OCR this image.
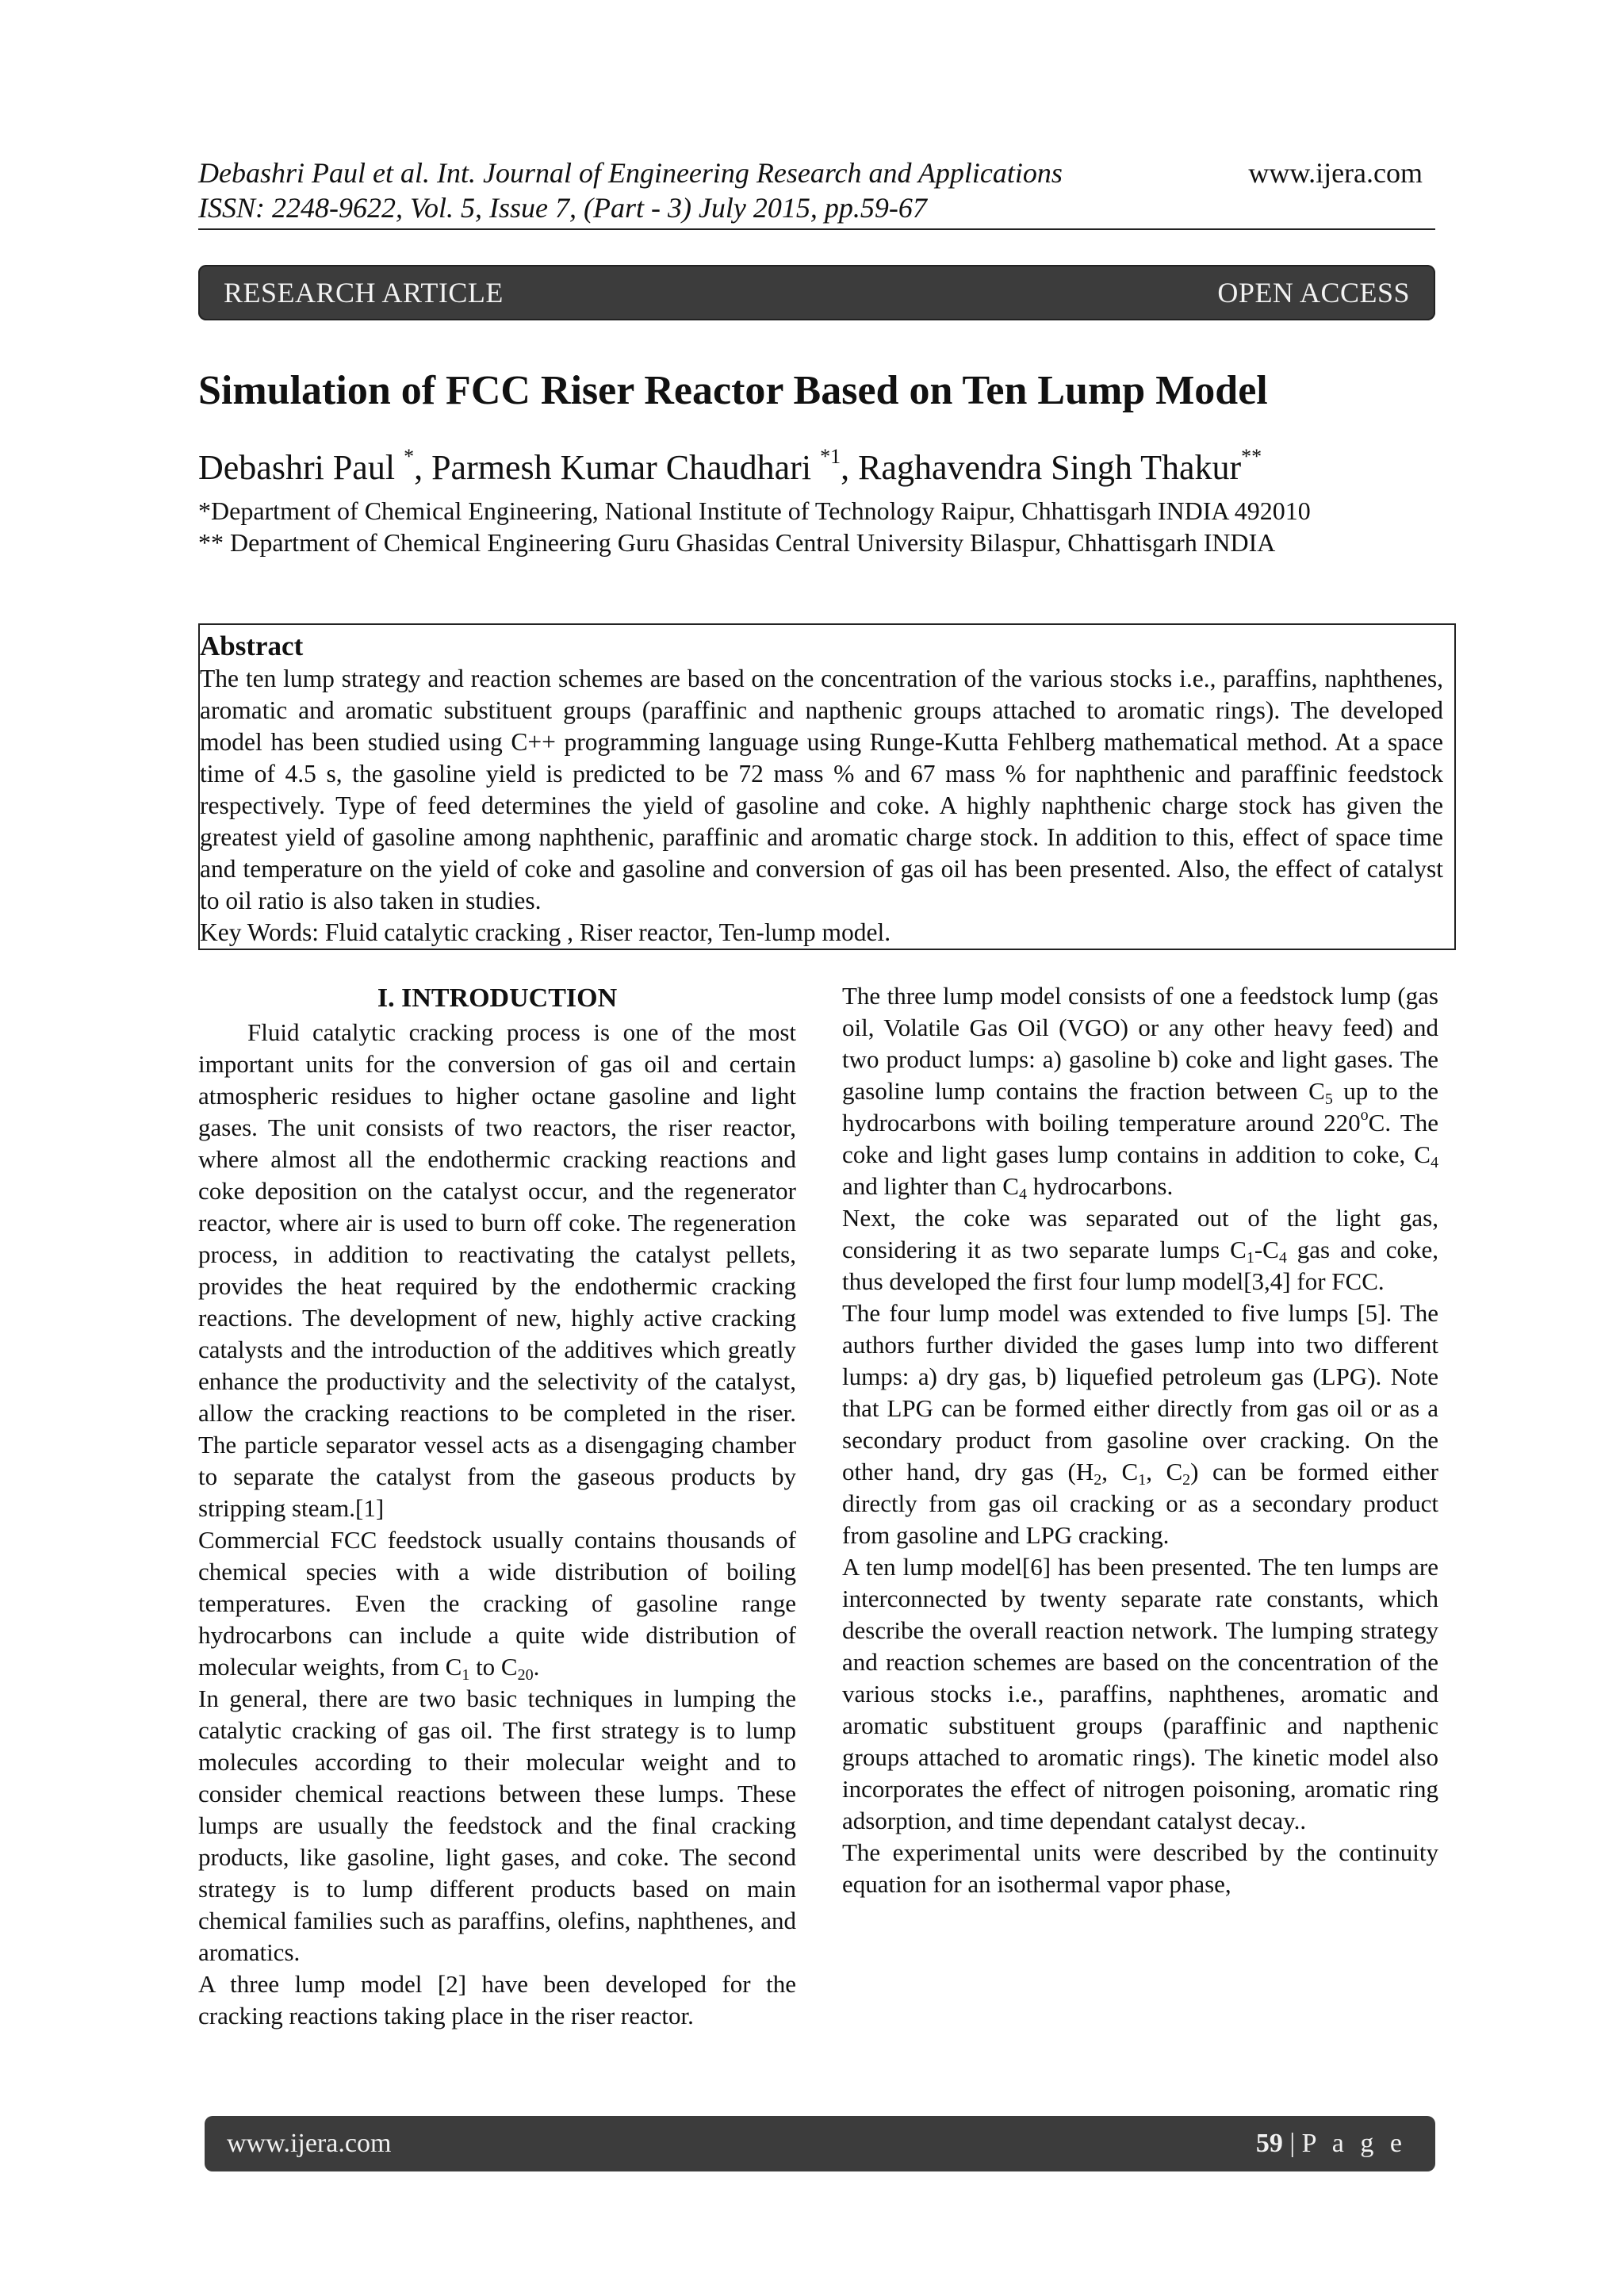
Debashri Paul et al. Int. Journal of Engineering Research and Applications
ISSN: 2248-9622, Vol. 5, Issue 7, (Part - 3) July 2015, pp.59-67
www.ijera.com
RESEARCH ARTICLE	OPEN ACCESS
Simulation of FCC Riser Reactor Based on Ten Lump Model
Debashri Paul *, Parmesh Kumar Chaudhari $^{*1}$, Raghavendra Singh Thakur**
*Department of Chemical Engineering, National Institute of Technology Raipur, Chhattisgarh INDIA 492010
** Department of Chemical Engineering Guru Ghasidas Central University Bilaspur, Chhattisgarh INDIA
Abstract
The ten lump strategy and reaction schemes are based on the concentration of the various stocks i.e., paraffins, naphthenes, aromatic and aromatic substituent groups (paraffinic and napthenic groups attached to aromatic rings). The developed model has been studied using C++ programming language using Runge-Kutta Fehlberg mathematical method. At a space time of 4.5 s, the gasoline yield is predicted to be 72 mass % and 67 mass % for naphthenic and paraffinic feedstock respectively. Type of feed determines the yield of gasoline and coke. A highly naphthenic charge stock has given the greatest yield of gasoline among naphthenic, paraffinic and aromatic charge stock. In addition to this, effect of space time and temperature on the yield of coke and gasoline and conversion of gas oil has been presented. Also, the effect of catalyst to oil ratio is also taken in studies.
Key Words: Fluid catalytic cracking , Riser reactor, Ten-lump model.
I. INTRODUCTION

Fluid catalytic cracking process is one of the most important units for the conversion of gas oil and certain atmospheric residues to higher octane gasoline and light gases. The unit consists of two reactors, the riser reactor, where almost all the endothermic cracking reactions and coke deposition on the catalyst occur, and the regenerator reactor, where air is used to burn off coke. The regeneration process, in addition to reactivating the catalyst pellets, provides the heat required by the endothermic cracking reactions. The development of new, highly active cracking catalysts and the introduction of the additives which greatly enhance the productivity and the selectivity of the catalyst, allow the cracking reactions to be completed in the riser. The particle separator vessel acts as a disengaging chamber to separate the catalyst from the gaseous products by stripping steam.[1]

Commercial FCC feedstock usually contains thousands of chemical species with a wide distribution of boiling temperatures. Even the cracking of gasoline range hydrocarbons can include a quite wide distribution of molecular weights, from $C_1$ to $C_{20}$.

In general, there are two basic techniques in lumping the catalytic cracking of gas oil. The first strategy is to lump molecules according to their molecular weight and to consider chemical reactions between these lumps. These lumps are usually the feedstock and the final cracking products, like gasoline, light gases, and coke. The second strategy is to lump different products based on main chemical families such as paraffins, olefins, naphthenes, and aromatics.

A three lump model [2] have been developed for the cracking reactions taking place in the riser reactor.

The three lump model consists of one a feedstock lump (gas oil, Volatile Gas Oil (VGO) or any other heavy feed) and two product lumps: a) gasoline b) coke and light gases. The gasoline lump contains the fraction between $C_5$ up to the hydrocarbons with boiling temperature around 220$^o$C. The coke and light gases lump contains in addition to coke, $C_4$ and lighter than $C_4$ hydrocarbons.

Next, the coke was separated out of the light gas, considering it as two separate lumps $C_1-C_4$ gas and coke, thus developed the first four lump model[3,4] for FCC.

The four lump model was extended to five lumps [5]. The authors further divided the gases lump into two different lumps: a) dry gas, b) liquefied petroleum gas (LPG). Note that LPG can be formed either directly from gas oil or as a secondary product from gasoline over cracking. On the other hand, dry gas ($H_2$, $C_1$, $C_2$) can be formed either directly from gas oil cracking or as a secondary product from gasoline and LPG cracking.

A ten lump model[6] has been presented. The ten lumps are interconnected by twenty separate rate constants, which describe the overall reaction network. The lumping strategy and reaction schemes are based on the concentration of the various stocks i.e., paraffins, naphthenes, aromatic and aromatic substituent groups (paraffinic and napthenic groups attached to aromatic rings). The kinetic model also incorporates the effect of nitrogen poisoning, aromatic ring adsorption, and time dependant catalyst decay..

The experimental units were described by the continuity equation for an isothermal vapor phase,

www.ijera.com	59 | P a g e
